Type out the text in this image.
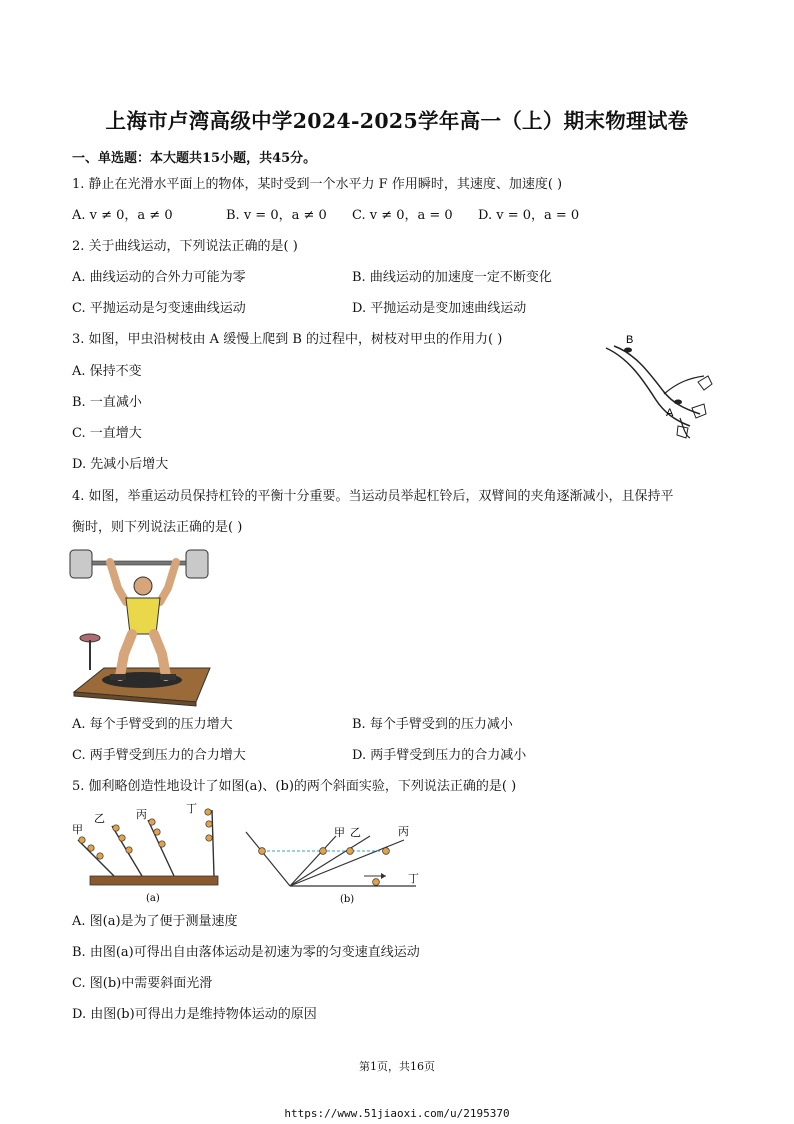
上海市卢湾高级中学2024-2025学年高一（上）期末物理试卷
一、单选题：本大题共15小题，共45分。
1. 静止在光滑水平面上的物体，某时受到一个水平力 F 作用瞬时，其速度、加速度( )
A. v ≠ 0，a ≠ 0	B. v = 0，a ≠ 0 C. v ≠ 0，a = 0 D. v = 0，a = 0
2. 关于曲线运动，下列说法正确的是( )
A. 曲线运动的合外力可能为零	B. 曲线运动的加速度一定不断变化
C. 平抛运动是匀变速曲线运动	D. 平抛运动是变加速曲线运动
3. 如图，甲虫沿树枝由 A 缓慢上爬到 B 的过程中，树枝对甲虫的作用力( )
A. 保持不变
B. 一直减小
C. 一直增大
D. 先减小后增大
B
A
4. 如图，举重运动员保持杠铃的平衡十分重要。当运动员举起杠铃后，双臂间的夹角逐渐减小，且保持平
衡时，则下列说法正确的是( )
A. 每个手臂受到的压力增大	B. 每个手臂受到的压力减小
C. 两手臂受到压力的合力增大	D. 两手臂受到压力的合力减小
5. 伽利略创造性地设计了如图(a)、(b)的两个斜面实验，下列说法正确的是( )
甲
乙	丙	丁
(a)
甲 乙	丙
丁
(b)
A. 图(a)是为了便于测量速度
B. 由图(a)可得出自由落体运动是初速为零的匀变速直线运动
C. 图(b)中需要斜面光滑
D. 由图(b)可得出力是维持物体运动的原因
第1页，共16页
https://www.51jiaoxi.com/u/2195370
